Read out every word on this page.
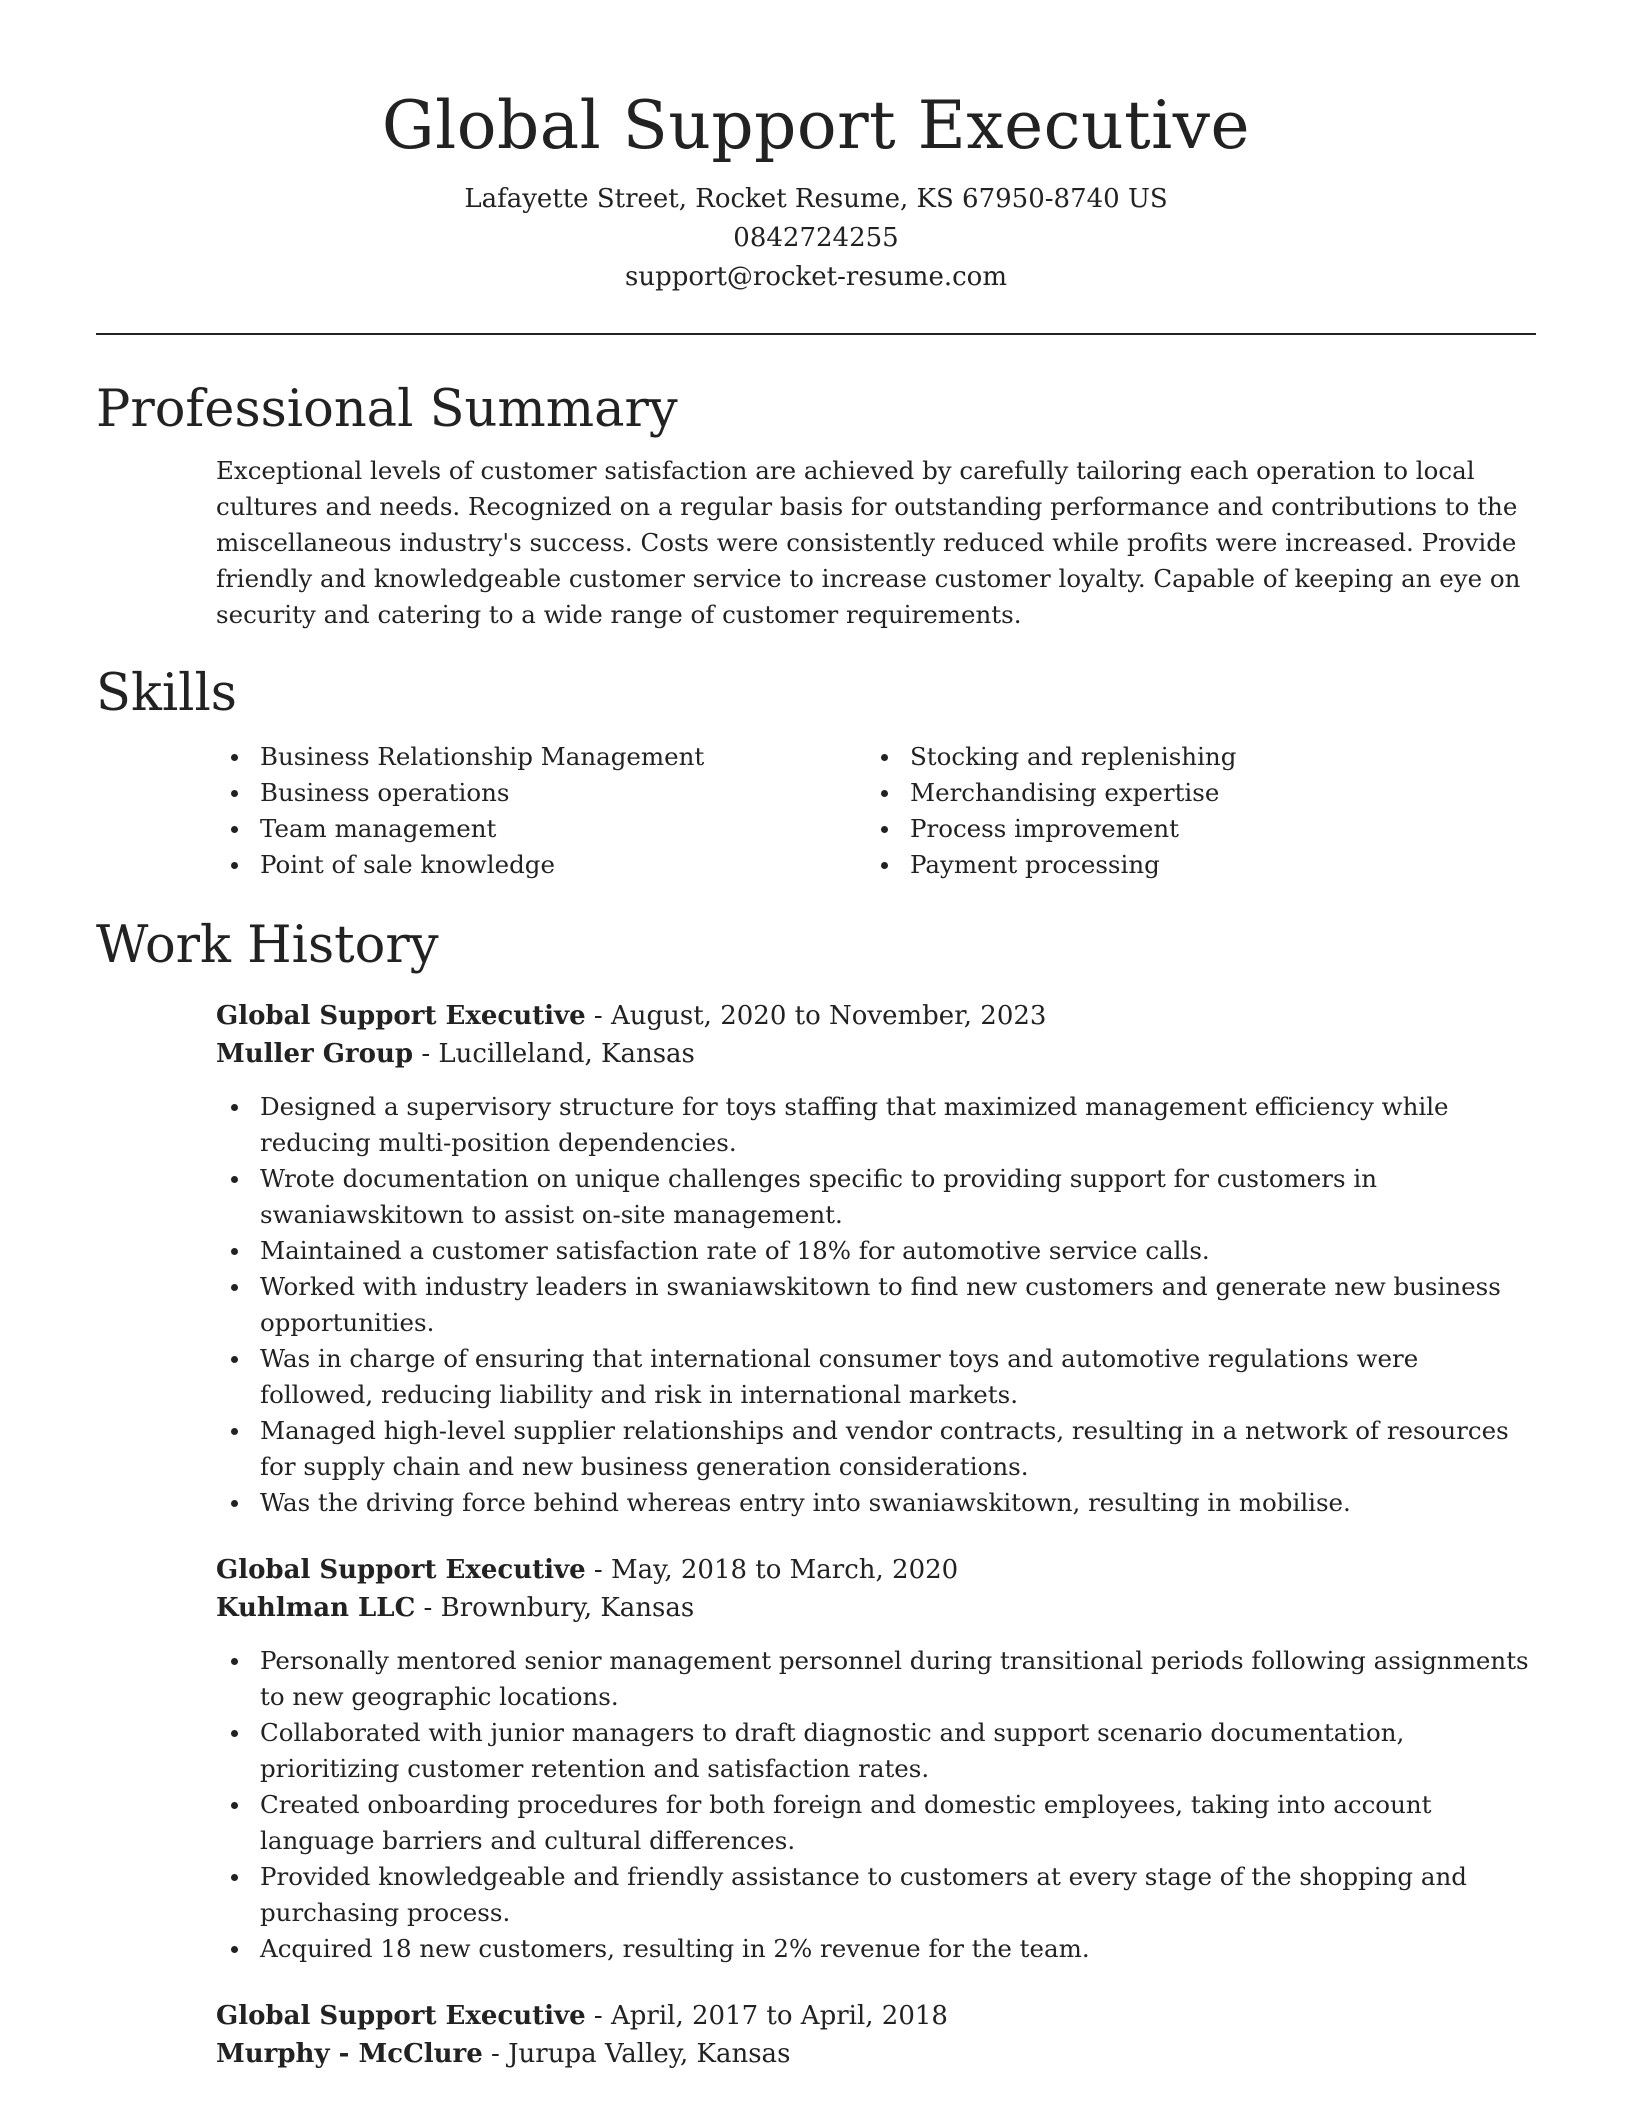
Global Support Executive
Lafayette Street, Rocket Resume, KS 67950-8740 US
0842724255
support@rocket-resume.com
Professional Summary

Exceptional levels of customer satisfaction are achieved by carefully tailoring each operation to local cultures and needs. Recognized on a regular basis for outstanding performance and contributions to the miscellaneous industry's success. Costs were consistently reduced while profits were increased. Provide friendly and knowledgeable customer service to increase customer loyalty. Capable of keeping an eye on security and catering to a wide range of customer requirements.

Skills
Business Relationship Management
Business operations
Team management
Point of sale knowledge
Stocking and replenishing
Merchandising expertise
Process improvement
Payment processing
Work History
Global Support Executive - August, 2020 to November, 2023
Muller Group - Lucilleland, Kansas
Designed a supervisory structure for toys staffing that maximized management efficiency while reducing multi-position dependencies.
Wrote documentation on unique challenges specific to providing support for customers in swaniawskitown to assist on-site management.
Maintained a customer satisfaction rate of 18% for automotive service calls.
Worked with industry leaders in swaniawskitown to find new customers and generate new business opportunities.
Was in charge of ensuring that international consumer toys and automotive regulations were followed, reducing liability and risk in international markets.
Managed high-level supplier relationships and vendor contracts, resulting in a network of resources for supply chain and new business generation considerations.
Was the driving force behind whereas entry into swaniawskitown, resulting in mobilise.
Global Support Executive - May, 2018 to March, 2020
Kuhlman LLC - Brownbury, Kansas
Personally mentored senior management personnel during transitional periods following assignments to new geographic locations.
Collaborated with junior managers to draft diagnostic and support scenario documentation, prioritizing customer retention and satisfaction rates.
Created onboarding procedures for both foreign and domestic employees, taking into account language barriers and cultural differences.
Provided knowledgeable and friendly assistance to customers at every stage of the shopping and purchasing process.
Acquired 18 new customers, resulting in 2% revenue for the team.
Global Support Executive - April, 2017 to April, 2018
Murphy - McClure - Jurupa Valley, Kansas
